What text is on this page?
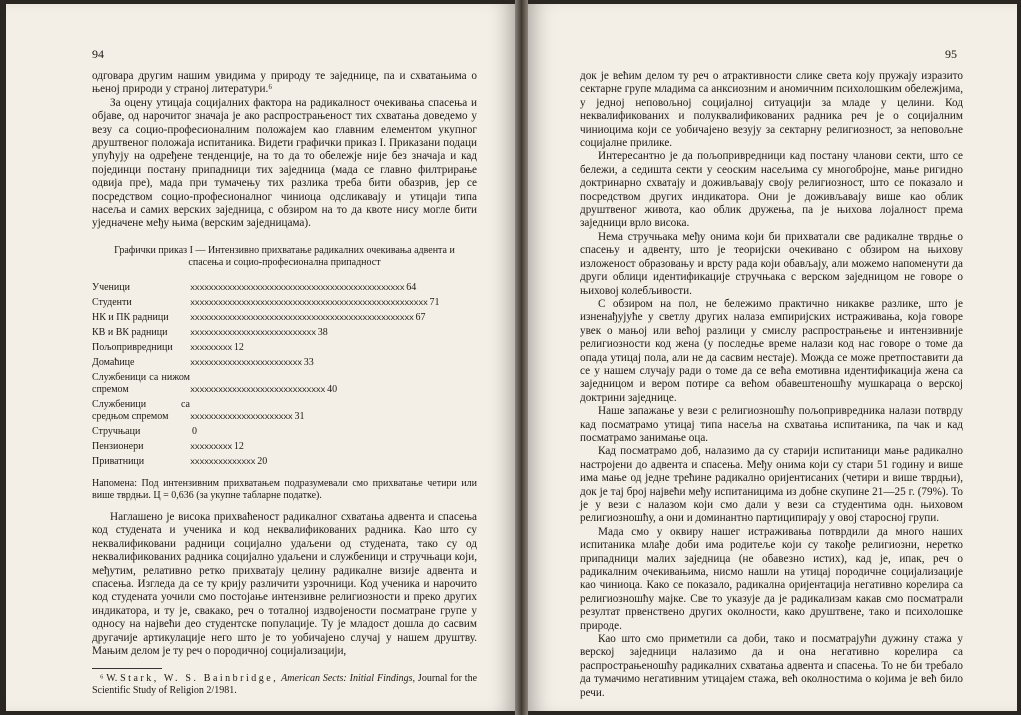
94

одговара другим нашим увидима у природу те заједнице, па и схватањима о њеној природи у страној литератури.⁶

За оцену утицаја социјалних фактора на радикалност очекивања спасења и објаве, од нарочитог значаја је ако распрострањеност тих схватања доведемо у везу са социо-професионалним положајем као главним елементом укупног друштвеног положаја испитаника. Видети графички приказ I. Приказани подаци упућују на одређене тенденције, на то да то обележје није без значаја и кад појединци постану припадници тих заједница (мада се главно филтрирање одвија пре), мада при тумачењу тих разлика треба бити обазрив, јер се посредством социо-професионалног чиниоца одсликавају и утицаји типа насеља и самих верских заједница, с обзиром на то да квоте нису могле бити уједначене међу њима (верским заједницама).

Графички приказ I — Интензивно прихватање радикалних очекивања адвента и спасења и социо-професионална припадност
Ученици	xxxxxxxxxxxxxxxxxxxxxxxxxxxxxxxxxxxxxxxxxxxxxx 64
Студенти	xxxxxxxxxxxxxxxxxxxxxxxxxxxxxxxxxxxxxxxxxxxxxxxxxxx 71
НК и ПК радници	xxxxxxxxxxxxxxxxxxxxxxxxxxxxxxxxxxxxxxxxxxxxxxxx 67
КВ и ВК радници	xxxxxxxxxxxxxxxxxxxxxxxxxxx 38
Пољопривредници	xxxxxxxxx 12
Домаћице	xxxxxxxxxxxxxxxxxxxxxxxx 33
Службеници са нижом спремом	xxxxxxxxxxxxxxxxxxxxxxxxxxxxx 40
Службеници са средњом спремом	xxxxxxxxxxxxxxxxxxxxxx 31
Стручњаци	0
Пензионери	xxxxxxxxx 12
Приватници	xxxxxxxxxxxxxx 20
Напомена: Под интензивним прихватањем подразумевали смо прихватање четири или више тврдњи. Ц = 0,636 (за укупне табларне податке).

Наглашено је висока прихваћеност радикалног схватања адвента и спасења код студената и ученика и код неквалификованих радника. Као што су неквалификовани радници социјално удаљени од студената, тако су од неквалификованих радника социјално удаљени и службеници и стручњаци који, међутим, релативно ретко прихватају целину радикалне визије адвента и спасења. Изгледа да се ту крију различити узрочници. Код ученика и нарочито код студената уочили смо постојање интензивне религиозности и преко других индикатора, и ту је, свакако, реч о тоталној издвојености посматране групе у односу на највећи део студентске популације. Ту је младост дошла до сасвим другачије артикулације него што је то уобичајено случај у нашем друштву. Мањим делом је ту реч о породичној социјализацији,

⁶ W. Stark, W. S. Bainbridge, American Sects: Initial Findings, Journal for the Scientific Study of Religion 2/1981.

95

док је већим делом ту реч о атрактивности слике света коју пружају изразито сектарне групе младима са анксиозним и аномичним психолошким обележјима, у једној неповољној социјалној ситуацији за младе у целини. Код неквалификованих и полуквалификованих радника реч је о социјалним чиниоцима који се уобичајено везују за сектарну религиозност, за неповољне социјалне прилике.

Интересантно је да пољопривредници кад постану чланови секти, што се бележи, а седишта секти у сеоским насељима су многобројне, мање ригидно доктринарно схватају и доживљавају своју религиозност, што се показало и посредством других индикатора. Они је доживљавају више као облик друштвеног живота, као облик дружења, па је њихова лојалност према заједници врло висока.

Нема стручњака међу онима који би прихватали све радикалне тврдње о спасењу и адвенту, што је теоријски очекивано с обзиром на њихову изложеност образовању и врсту рада који обављају, али можемо напоменути да други облици идентификације стручњака с верском заједницом не говоре о њиховој колебљивости.

С обзиром на пол, не бележимо практично никакве разлике, што је изненађујуће у светлу других налаза емпиријских истраживања, која говоре увек о мањој или већој разлици у смислу распрострањење и интензивније религиозности код жена (у последње време налази код нас говоре о томе да опада утицај пола, али не да сасвим нестаје). Можда се може претпоставити да се у нашем случају ради о томе да се већа емотивна идентификација жена са заједницом и вером потире са већом обавештеношћу мушкараца о верској доктрини заједнице.

Наше запажање у вези с религиозношћу пољопривредника налази потврду кад посматрамо утицај типа насеља на схватања испитаника, па чак и кад посматрамо занимање оца.

Кад посматрамо доб, налазимо да су старији испитаници мање радикално настројени до адвента и спасења. Међу онима који су стари 51 годину и више има мање од једне трећине радикално оријентисаних (четири и више тврдњи), док је тај број највећи међу испитаницима из добне скупине 21—25 г. (79%). То је у вези с налазом који смо дали у вези са студентима одн. њиховом религиозношћу, а они и доминантно партиципирају у овој старосној групи.

Мада смо у оквиру нашег истраживања потврдили да много наших испитаника млађе доби има родитеље који су такође религиозни, неретко припадници малих заједница (не обавезно истих), кад је, ипак, реч о радикалним очекивањима, нисмо нашли на утицај породичне социјализације као чиниоца. Како се показало, радикална оријентација негативно корелира са религиозношћу мајке. Све то указује да је радикализам какав смо посматрали резултат првенствено других околности, како друштвене, тако и психолошке природе.

Као што смо приметили са доби, тако и посматрајући дужину стажа у верској заједници налазимо да и она негативно корелира са распрострањеношћу радикалних схватања адвента и спасења. То не би требало да тумачимо негативним утицајем стажа, већ околностима о којима је већ било речи.
